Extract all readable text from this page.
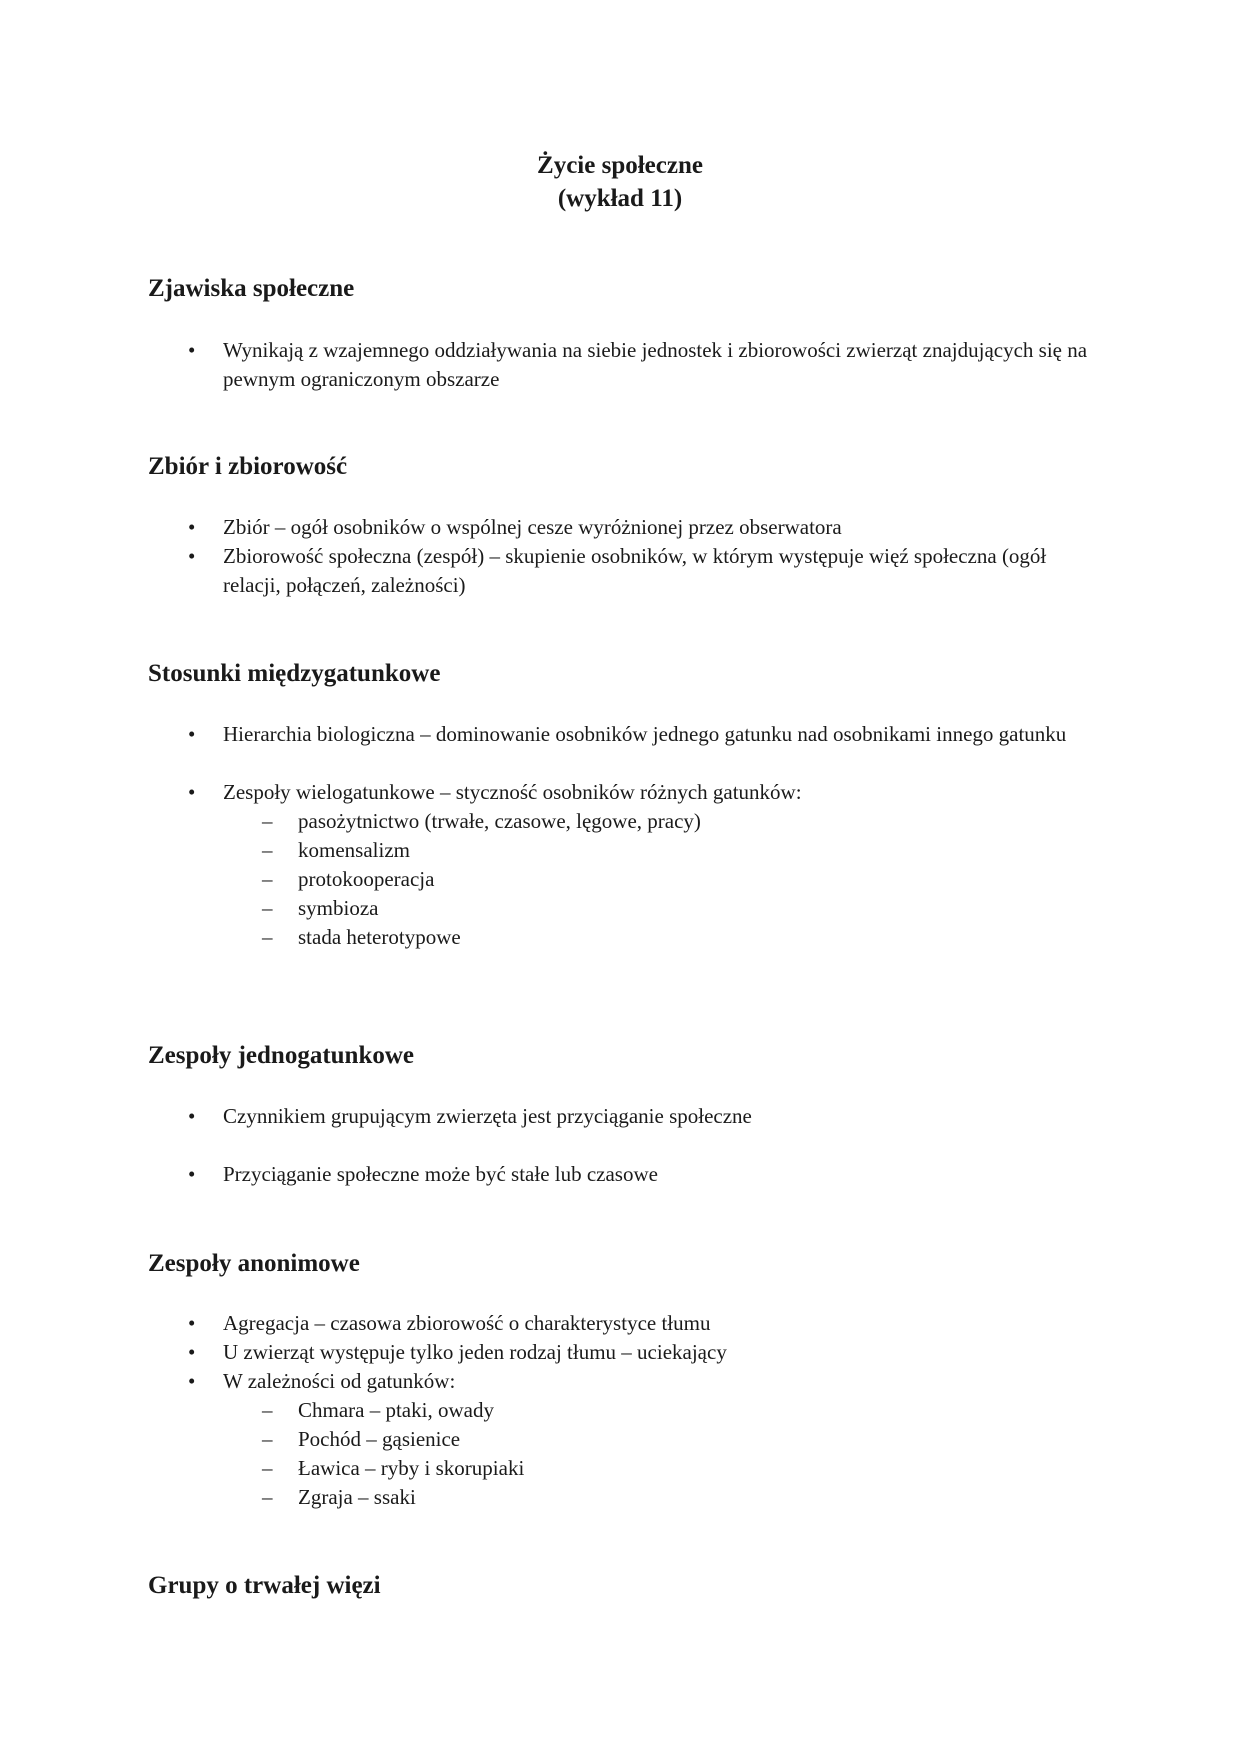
Życie społeczne
(wykład 11)
Zjawiska społeczne
•	Wynikają z wzajemnego oddziaływania na siebie jednostek i zbiorowości zwierząt znajdujących się na pewnym ograniczonym obszarze
Zbiór i zbiorowość
•	Zbiór – ogół osobników o wspólnej cesze wyróżnionej przez obserwatora
•	Zbiorowość społeczna (zespół) – skupienie osobników, w którym występuje więź społeczna (ogół relacji, połączeń, zależności)
Stosunki międzygatunkowe
•	Hierarchia biologiczna – dominowanie osobników jednego gatunku nad osobnikami innego gatunku
•	Zespoły wielogatunkowe – styczność osobników różnych gatunków:
– pasożytnictwo (trwałe, czasowe, lęgowe, pracy)
– komensalizm
– protokooperacja
– symbioza
– stada heterotypowe
Zespoły jednogatunkowe
•	Czynnikiem grupującym zwierzęta jest przyciąganie społeczne
•	Przyciąganie społeczne może być stałe lub czasowe
Zespoły anonimowe
•	Agregacja – czasowa zbiorowość o charakterystyce tłumu
•	U zwierząt występuje tylko jeden rodzaj tłumu – uciekający
•	W zależności od gatunków:
– Chmara – ptaki, owady
– Pochód – gąsienice
– Ławica – ryby i skorupiaki
– Zgraja – ssaki
Grupy o trwałej więzi
